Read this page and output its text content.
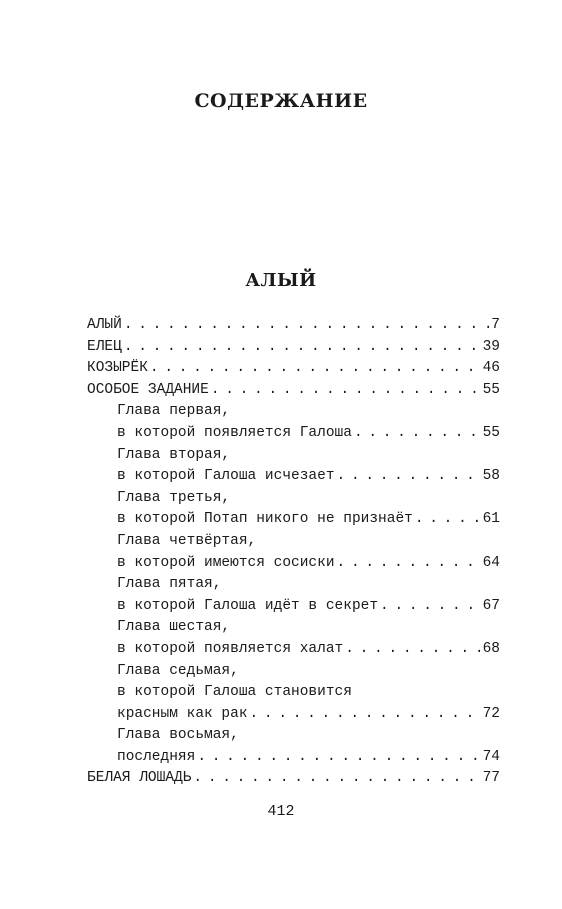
СОДЕРЖАНИЕ
АЛЫЙ
АЛЫЙ . . .	7
ЕЛЕЦ . . .	39
КОЗЫРЁК . . .	46
ОСОБОЕ ЗАДАНИЕ . . .	55
Глава первая,
в которой появляется Галоша . . .	55
Глава вторая,
в которой Галоша исчезает . . .	58
Глава третья,
в которой Потап никого не признаёт . . .	61
Глава четвёртая,
в которой имеются сосиски . . .	64
Глава пятая,
в которой Галоша идёт в секрет . . .	67
Глава шестая,
в которой появляется халат . . .	68
Глава седьмая,
в которой Галоша становится
красным как рак . . .	72
Глава восьмая,
последняя . . .	74
БЕЛАЯ ЛОШАДЬ . . .	77
412
